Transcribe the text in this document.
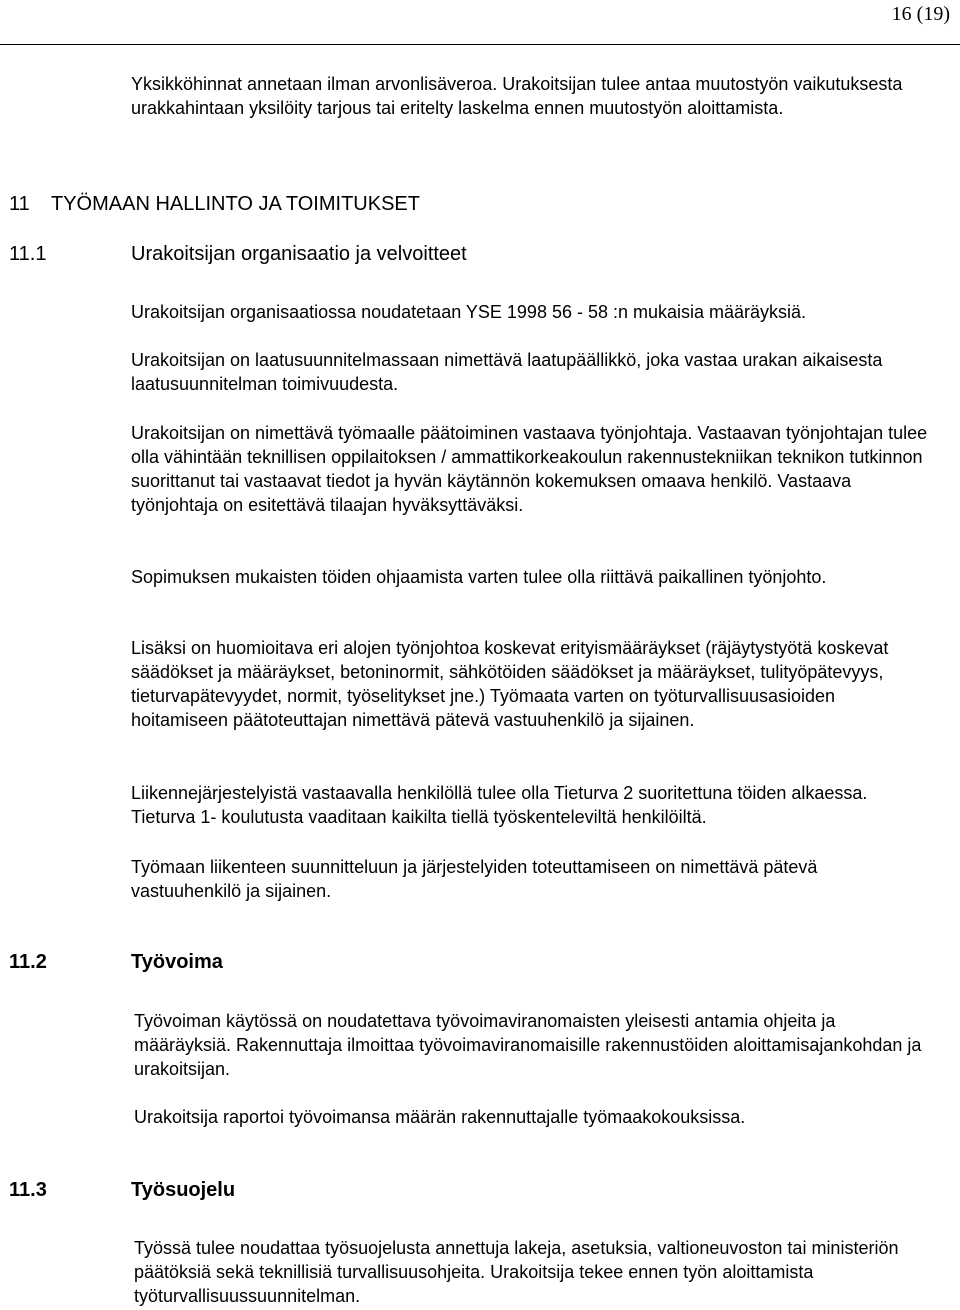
16 (19)

Yksikköhinnat annetaan ilman arvonlisäveroa. Urakoitsijan tulee antaa muutostyön vaikutuksesta urakkahintaan yksilöity tarjous tai eritelty laskelma ennen muutostyön aloittamista.

11 TYÖMAAN HALLINTO JA TOIMITUKSET
11.1	Urakoitsijan organisaatio ja velvoitteet

Urakoitsijan organisaatiossa noudatetaan YSE 1998 56 - 58 :n mukaisia määräyksiä.

Urakoitsijan on laatusuunnitelmassaan nimettävä laatupäällikkö, joka vastaa urakan aikaisesta laatusuunnitelman toimivuudesta.

Urakoitsijan on nimettävä työmaalle päätoiminen vastaava työnjohtaja. Vastaavan työnjohtajan tulee olla vähintään teknillisen oppilaitoksen / ammattikorkeakoulun rakennustekniikan teknikon tutkinnon suorittanut tai vastaavat tiedot ja hyvän käytännön kokemuksen omaava henkilö. Vastaava työnjohtaja on esitettävä tilaajan hyväksyttäväksi.

Sopimuksen mukaisten töiden ohjaamista varten tulee olla riittävä paikallinen työnjohto.

Lisäksi on huomioitava eri alojen työnjohtoa koskevat erityismääräykset (räjäytystyötä koskevat säädökset ja määräykset, betoninormit, sähkötöiden säädökset ja määräykset, tulityöpätevyys, tieturvapätevyydet, normit, työselitykset jne.) Työmaata varten on työturvallisuusasioiden hoitamiseen päätoteuttajan nimettävä pätevä vastuuhenkilö ja sijainen.

Liikennejärjestelyistä vastaavalla henkilöllä tulee olla Tieturva 2 suoritettuna töiden alkaessa. Tieturva 1- koulutusta vaaditaan kaikilta tiellä työskenteleviltä henkilöiltä.

Työmaan liikenteen suunnitteluun ja järjestelyiden toteuttamiseen on nimettävä pätevä vastuuhenkilö ja sijainen.

11.2	Työvoima

Työvoiman käytössä on noudatettava työvoimaviranomaisten yleisesti antamia ohjeita ja määräyksiä. Rakennuttaja ilmoittaa työvoimaviranomaisille rakennustöiden aloittamisajankohdan ja urakoitsijan.

Urakoitsija raportoi työvoimansa määrän rakennuttajalle työmaakokouksissa.

11.3	Työsuojelu

Työssä tulee noudattaa työsuojelusta annettuja lakeja, asetuksia, valtioneuvoston tai ministeriön päätöksiä sekä teknillisiä turvallisuusohjeita. Urakoitsija tekee ennen työn aloittamista työturvallisuussuunnitelman.
